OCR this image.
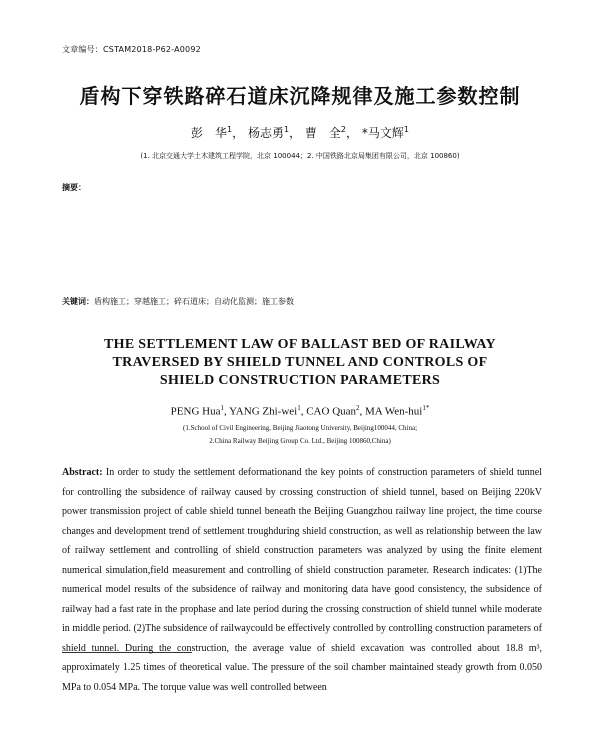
文章编号：CSTAM2018-P62-A0092
盾构下穿铁路碎石道床沉降规律及施工参数控制
彭　华$^1$， 杨志勇$^1$， 曹　全$^2$， *马文辉$^1$
(1. 北京交通大学土木建筑工程学院，北京 100044；2. 中国铁路北京局集团有限公司，北京 100860)
摘要：
关键词：盾构施工；穿越施工；碎石道床；自动化监测；施工参数
THE SETTLEMENT LAW OF BALLAST BED OF RAILWAY
TRAVERSED BY SHIELD TUNNEL AND CONTROLS OF
SHIELD CONSTRUCTION PARAMETERS
PENG Hua$^1$, YANG Zhi-wei$^1$, CAO Quan$^2$, MA Wen-hui$^{1*}$
(1.School of Civil Engineering, Beijing Jiaotong University, Beijing100044, China;
2.China Railway Beijing Group Co. Ltd., Beijing 100860,China)
Abstract: In order to study the settlement deformationand the key points of construction parameters of shield tunnel for controlling the subsidence of railway caused by crossing construction of shield tunnel, based on Beijing 220kV power transmission project of cable shield tunnel beneath the Beijing Guangzhou railway line project, the time course changes and development trend of settlement troughduring shield construction, as well as relationship between the law of railway settlement and controlling of shield construction parameters was analyzed by using the finite element numerical simulation,field measurement and controlling of shield construction parameter. Research indicates: (1)The numerical model results of the subsidence of railway and monitoring data have good consistency, the subsidence of railway had a fast rate in the prophase and late period during the crossing construction of shield tunnel while moderate in middle period. (2)The subsidence of railwaycould be effectively controlled by controlling construction parameters of shield tunnel. During the construction, the average value of shield excavation was controlled about 18.8 m³, approximately 1.25 times of theoretical value. The pressure of the soil chamber maintained steady growth from 0.050 MPa to 0.054 MPa. The torque value was well controlled between
